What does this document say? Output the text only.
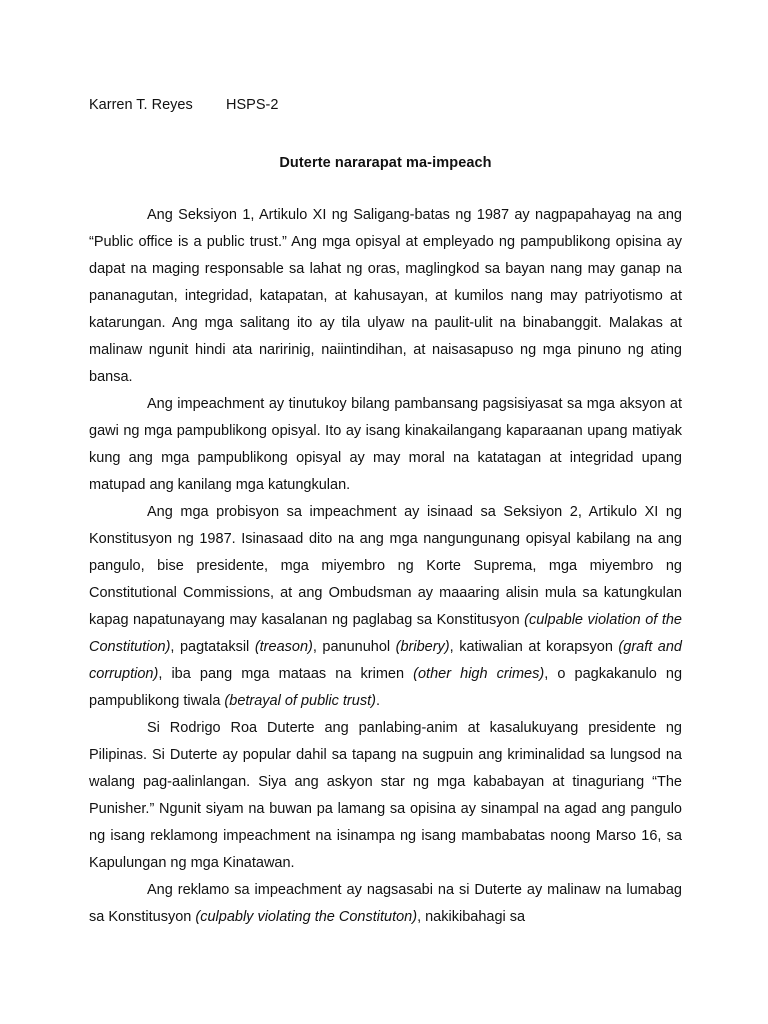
Karren T. Reyes HSPS-2

Duterte nararapat ma-impeach

Ang Seksiyon 1, Artikulo XI ng Saligang-batas ng 1987 ay nagpapahayag na ang “Public office is a public trust.” Ang mga opisyal at empleyado ng pampublikong opisina ay dapat na maging responsable sa lahat ng oras, maglingkod sa bayan nang may ganap na pananagutan, integridad, katapatan, at kahusayan, at kumilos nang may patriyotismo at katarungan. Ang mga salitang ito ay tila ulyaw na paulit-ulit na binabanggit. Malakas at malinaw ngunit hindi ata naririnig, naiintindihan, at naisasapuso ng mga pinuno ng ating bansa.

Ang impeachment ay tinutukoy bilang pambansang pagsisiyasat sa mga aksyon at gawi ng mga pampublikong opisyal. Ito ay isang kinakailangang kaparaanan upang matiyak kung ang mga pampublikong opisyal ay may moral na katatagan at integridad upang matupad ang kanilang mga katungkulan.

Ang mga probisyon sa impeachment ay isinaad sa Seksiyon 2, Artikulo XI ng Konstitusyon ng 1987. Isinasaad dito na ang mga nangungunang opisyal kabilang na ang pangulo, bise presidente, mga miyembro ng Korte Suprema, mga miyembro ng Constitutional Commissions, at ang Ombudsman ay maaaring alisin mula sa katungkulan kapag napatunayang may kasalanan ng paglabag sa Konstitusyon (culpable violation of the Constitution), pagtataksil (treason), panunuhol (bribery), katiwalian at korapsyon (graft and corruption), iba pang mga mataas na krimen (other high crimes), o pagkakanulo ng pampublikong tiwala (betrayal of public trust).

Si Rodrigo Roa Duterte ang panlabing-anim at kasalukuyang presidente ng Pilipinas. Si Duterte ay popular dahil sa tapang na sugpuin ang kriminalidad sa lungsod na walang pag-aalinlangan. Siya ang askyon star ng mga kababayan at tinaguriang “The Punisher.” Ngunit siyam na buwan pa lamang sa opisina ay sinampal na agad ang pangulo ng isang reklamong impeachment na isinampa ng isang mambabatas noong Marso 16, sa Kapulungan ng mga Kinatawan.

Ang reklamo sa impeachment ay nagsasabi na si Duterte ay malinaw na lumabag sa Konstitusyon (culpably violating the Constituton), nakikibahagi sa
